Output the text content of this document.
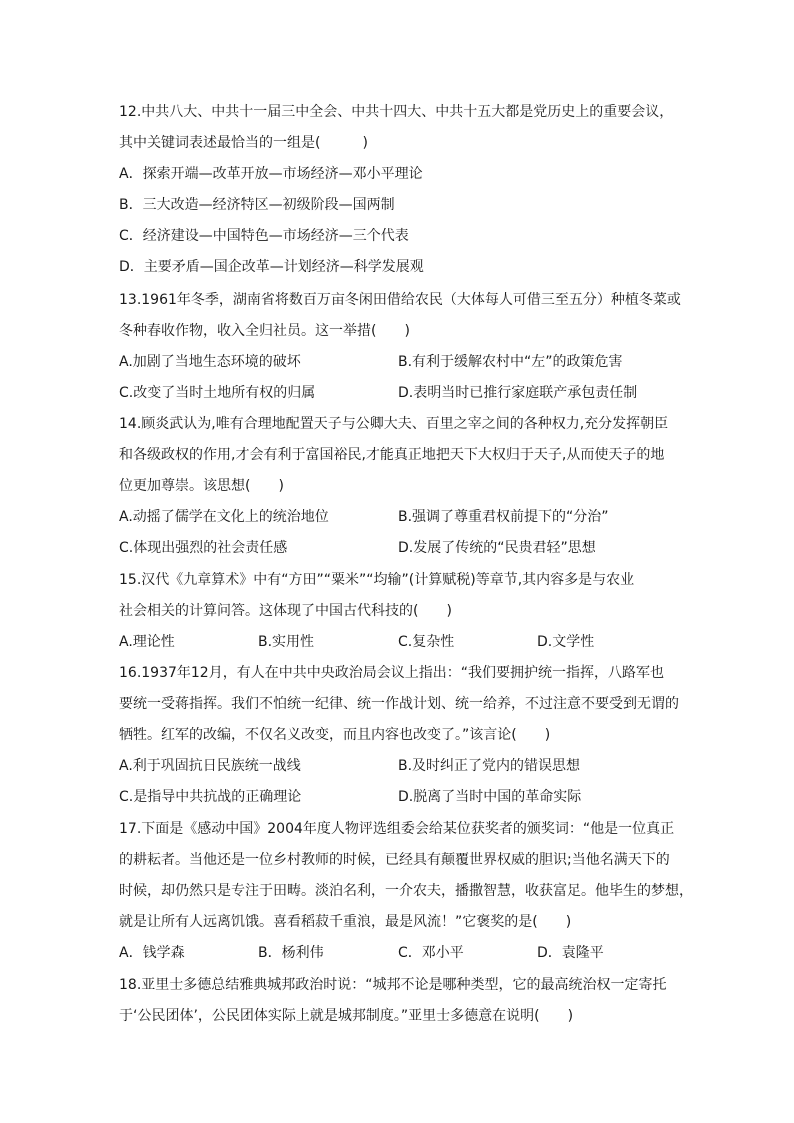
12.中共八大、中共十一届三中全会、中共十四大、中共十五大都是党历史上的重要会议，
其中关键词表述最恰当的一组是(　　　)
A．探索开端—改革开放—市场经济—邓小平理论
B．三大改造—经济特区—初级阶段—国两制
C．经济建设—中国特色—市场经济—三个代表
D．主要矛盾—国企改革—计划经济—科学发展观
13.1961年冬季，湖南省将数百万亩冬闲田借给农民（大体每人可借三至五分）种植冬菜或
冬种春收作物，收入全归社员。这一举措(　　)
A.加剧了当地生态环境的破坏	B.有利于缓解农村中“左”的政策危害
C.改变了当时土地所有权的归属	D.表明当时已推行家庭联产承包责任制
14.顾炎武认为,唯有合理地配置天子与公卿大夫、百里之宰之间的各种权力,充分发挥朝臣
和各级政权的作用,才会有利于富国裕民,才能真正地把天下大权归于天子,从而使天子的地
位更加尊崇。该思想(　　)
A.动摇了儒学在文化上的统治地位	B.强调了尊重君权前提下的“分治”
C.体现出强烈的社会责任感	D.发展了传统的“民贵君轻”思想
15.汉代《九章算术》中有“方田”“粟米”“均输”(计算赋税)等章节,其内容多是与农业
社会相关的计算问答。这体现了中国古代科技的(　　)
A.理论性	B.实用性	C.复杂性	D.文学性
16.1937年12月，有人在中共中央政治局会议上指出：“我们要拥护统一指挥，八路军也
要统一受蒋指挥。我们不怕统一纪律、统一作战计划、统一给养，不过注意不要受到无谓的
牺牲。红军的改编，不仅名义改变，而且内容也改变了。”该言论(　　)
A.利于巩固抗日民族统一战线	B.及时纠正了党内的错误思想
C.是指导中共抗战的正确理论	D.脱离了当时中国的革命实际
17.下面是《感动中国》2004年度人物评选组委会给某位获奖者的颁奖词：“他是一位真正
的耕耘者。当他还是一位乡村教师的时候，已经具有颠覆世界权威的胆识;当他名满天下的
时候，却仍然只是专注于田畴。淡泊名利，一介农夫，播撒智慧，收获富足。他毕生的梦想，
就是让所有人远离饥饿。喜看稻菽千重浪，最是风流！”它褒奖的是(　　)
A．钱学森	B．杨利伟	C．邓小平	D．袁隆平
18.亚里士多德总结雅典城邦政治时说：“城邦不论是哪种类型，它的最高统治权一定寄托
于‘公民团体’，公民团体实际上就是城邦制度。”亚里士多德意在说明(　　)
